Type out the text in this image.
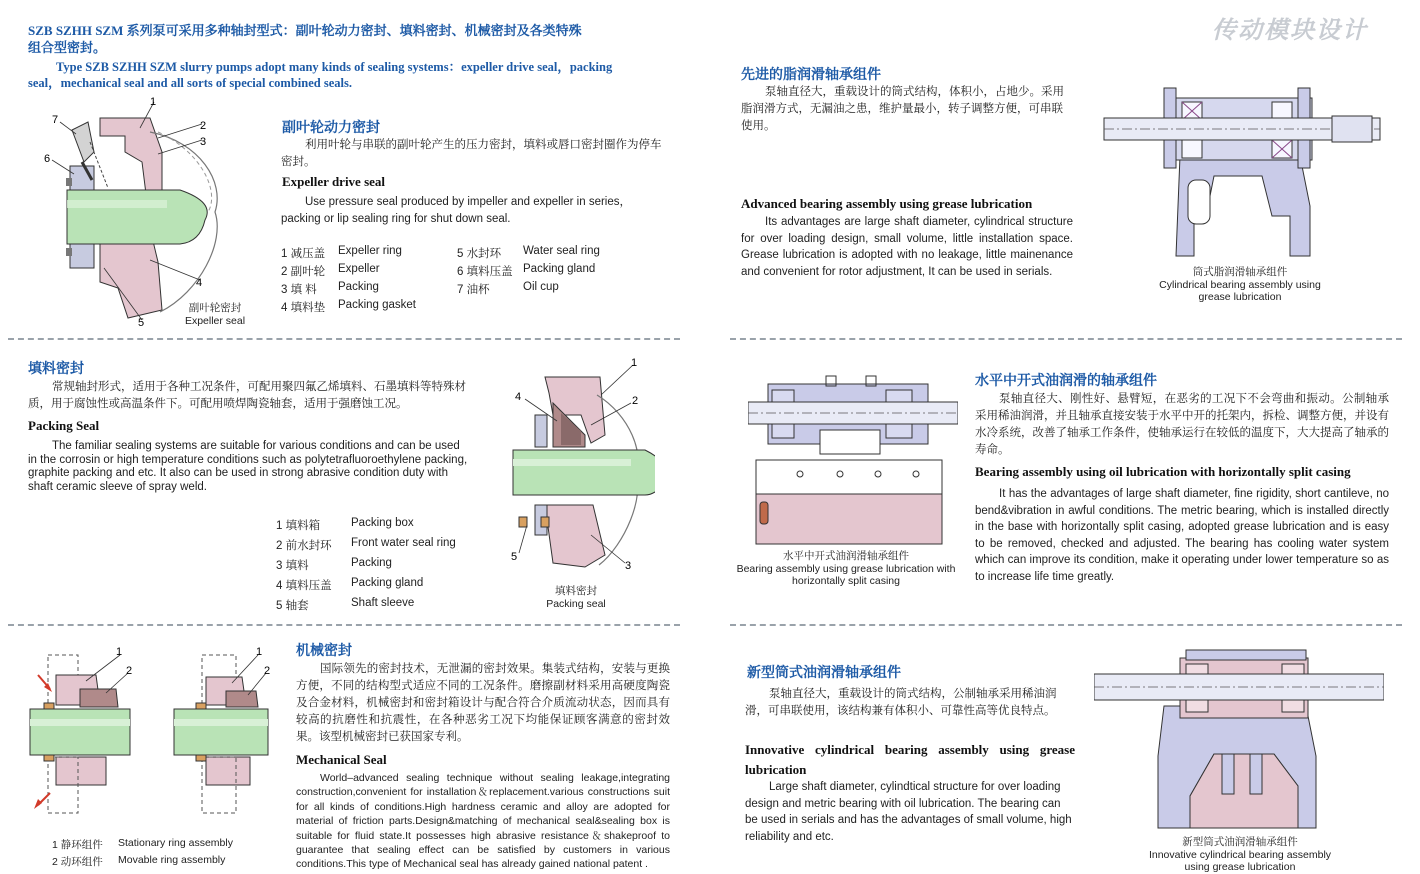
SZB SZHH SZM 系列泵可采用多种轴封型式：副叶轮动力密封、填料密封、机械密封及各类特殊
组合型密封。
Type SZB SZHH SZM slurry pumps adopt many kinds of sealing systems：expeller drive seal，packing
seal，mechanical seal and all sorts of special combined seals.
传动模块设计
1
2
3
4
5
6
7
副叶轮密封
Expeller seal
副叶轮动力密封
利用叶轮与串联的副叶轮产生的压力密封，填料或唇口密封圈作为停车密封。
Expeller drive seal
Use pressure seal produced by impeller and expeller in series，packing or lip sealing ring for shut down seal.
1 减压盖	Expeller ring
2 副叶轮	Expeller
3 填 料	Packing
4 填料垫	Packing gasket
5 水封环	Water seal ring
6 填料压盖	Packing gland
7 油杯	Oil cup
填料密封
常规轴封形式，适用于各种工况条件，可配用聚四氟乙烯填料、石墨填料等特殊材质，用于腐蚀性或高温条件下。可配用喷焊陶瓷轴套，适用于强磨蚀工况。
Packing Seal
The familiar sealing systems are suitable for various conditions and can be used in the corrosin or high temperature conditions such as polytetrafluoroethylene packing, graphite packing and etc. It also can be used in strong abrasive condition duty with shaft ceramic sleeve of spray weld.
1 填料箱	Packing box
2 前水封环	Front water seal ring
3 填料	Packing
4 填料压盖	Packing gland
5 轴套	Shaft sleeve
1
2
3
4
5
填料密封
Packing seal
1
2
1
2
1 静环组件	Stationary ring assembly
2 动环组件	Movable ring assembly
机械密封
国际领先的密封技术，无泄漏的密封效果。集装式结构，安装与更换方便，不同的结构型式适应不同的工况条件。磨擦副材料采用高硬度陶瓷及合金材料，机械密封和密封箱设计与配合符合介质流动状态，因而具有较高的抗磨性和抗震性，在各种恶劣工况下均能保证顾客满意的密封效果。该型机械密封已获国家专利。
Mechanical Seal
World–advanced sealing technique without sealing leakage,integrating construction,convenient for installation＆replacement.various constructions suit for all kinds of conditions.High hardness ceramic and alloy are adopted for material of friction parts.Design&matching of mechanical seal&sealing box is suitable for fluid state.It possesses high abrasive resistance＆shakeproof to guarantee that sealing effect can be satisfied by customers in various conditions.This type of Mechanical seal has already gained national patent .
先进的脂润滑轴承组件
泵轴直径大，重载设计的筒式结构，体积小，占地少。采用脂润滑方式，无漏油之患，维护量最小，转子调整方便，可串联使用。
Advanced bearing assembly using grease lubrication
Its advantages are large shaft diameter, cylindrical structure for over loading design, small volume, little installation space. Grease lubrication is adopted with no leakage, little mainenance and convenient for rotor adjustment, It can be used in serials.	筒式脂润滑轴承组件
Cylindrical bearing assembly using
grease lubrication
水平中开式油润滑轴承组件
Bearing assembly using grease lubrication with
horizontally split casing
水平中开式油润滑的轴承组件
泵轴直径大、刚性好、悬臂短，在恶劣的工况下不会弯曲和振动。公制轴承采用稀油润滑，并且轴承直接安装于水平中开的托架内，拆检、调整方便，并设有水冷系统，改善了轴承工作条件，使轴承运行在较低的温度下，大大提高了轴承的寿命。
Bearing assembly using oil lubrication with horizontally split casing
It has the advantages of large shaft diameter, fine rigidity, short cantileve, no bend&vibration in awful conditions. The metric bearing, which is installed directly in the base with horizontally split casing, adopted grease lubrication and is easy to be removed, checked and adjusted. The bearing has cooling water system which can improve its condition, make it operating under lower temperature so as to increase life time greatly.
新型筒式油润滑轴承组件
泵轴直径大，重载设计的筒式结构，公制轴承采用稀油润滑，可串联使用，该结构兼有体积小、可靠性高等优良特点。
Innovative cylindrical bearing assembly using grease lubrication
Large shaft diameter, cylindtical structure for over loading design and metric bearing with oil lubrication. The bearing can be used in serials and has the advantages of small volume, high reliability and etc.	新型筒式油润滑轴承组件
Innovative cylindrical bearing assembly
using grease lubrication
